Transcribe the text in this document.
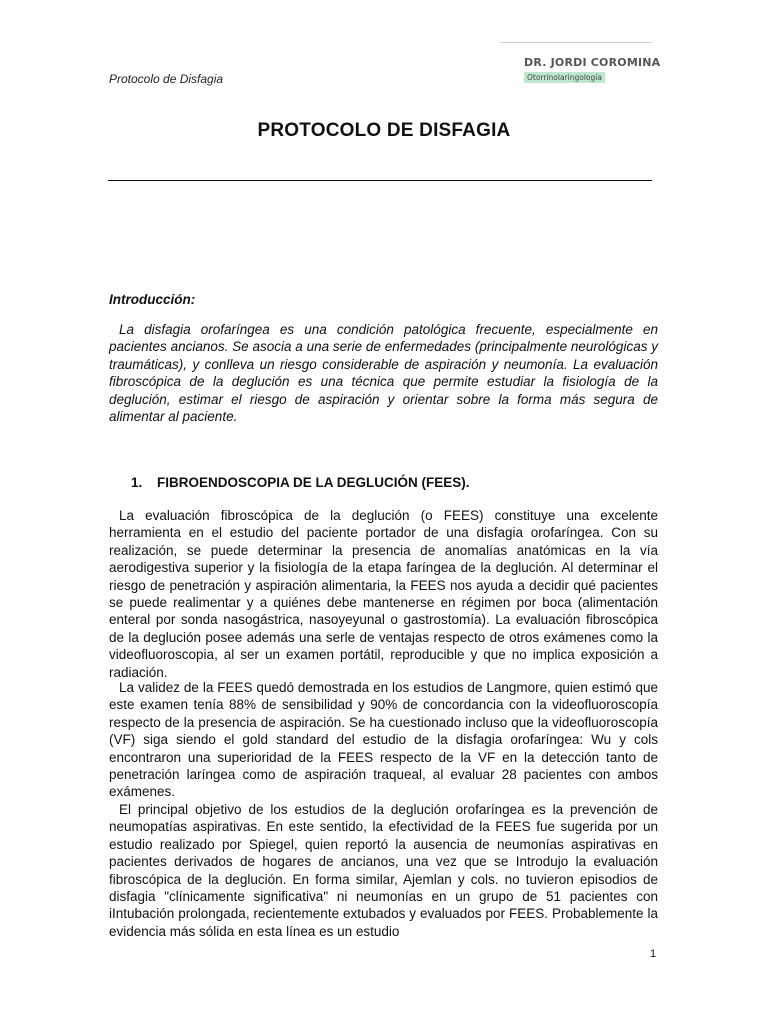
Protocolo de Disfagia
DR. JORDI COROMINA
Otorrinolaringología
PROTOCOLO DE DISFAGIA
Introducción:

La disfagia orofaríngea es una condición patológica frecuente, especialmente en pacientes ancianos. Se asocia a una serie de enfermedades (principalmente neurológicas y traumáticas), y conlleva un riesgo considerable de aspiración y neumonía. La evaluación fibroscópica de la deglución es una técnica que permite estudiar la fisiología de la deglución, estimar el riesgo de aspiración y orientar sobre la forma más segura de alimentar al paciente.

1. FIBROENDOSCOPIA DE LA DEGLUCIÓN (FEES).

La evaluación fibroscópica de la deglución (o FEES) constituye una excelente herramienta en el estudio del paciente portador de una disfagia orofaríngea. Con su realización, se puede determinar la presencia de anomalías anatómicas en la vía aerodigestiva superior y la fisiología de la etapa faríngea de la deglución. Al determinar el riesgo de penetración y aspiración alimentaria, la FEES nos ayuda a decidir qué pacientes se puede realimentar y a quiénes debe mantenerse en régimen por boca (alimentación enteral por sonda nasogástrica, nasoyeyunal o gastrostomía). La evaluación fibroscópica de la deglución posee además una serle de ventajas respecto de otros exámenes como la videofluoroscopia, al ser un examen portátil, reproducible y que no implica exposición a radiación.

La validez de la FEES quedó demostrada en los estudios de Langmore, quien estimó que este examen tenía 88% de sensibilidad y 90% de concordancia con la videofluoroscopía respecto de la presencia de aspiración. Se ha cuestionado incluso que la videofluoroscopía (VF) siga siendo el gold standard del estudio de la disfagia orofaríngea: Wu y cols encontraron una superioridad de la FEES respecto de la VF en la detección tanto de penetración laríngea como de aspiración traqueal, al evaluar 28 pacientes con ambos exámenes.

El principal objetivo de los estudios de la deglución orofaríngea es la prevención de neumopatías aspirativas. En este sentido, la efectividad de la FEES fue sugerida por un estudio realizado por Spiegel, quien reportó la ausencia de neumonías aspirativas en pacientes derivados de hogares de ancianos, una vez que se Introdujo la evaluación fibroscópica de la deglución. En forma similar, Ajemlan y cols. no tuvieron episodios de disfagia "clínicamente significativa" ni neumonías en un grupo de 51 pacientes con iIntubación prolongada, recientemente extubados y evaluados por FEES. Probablemente la evidencia más sólida en esta línea es un estudio

1
